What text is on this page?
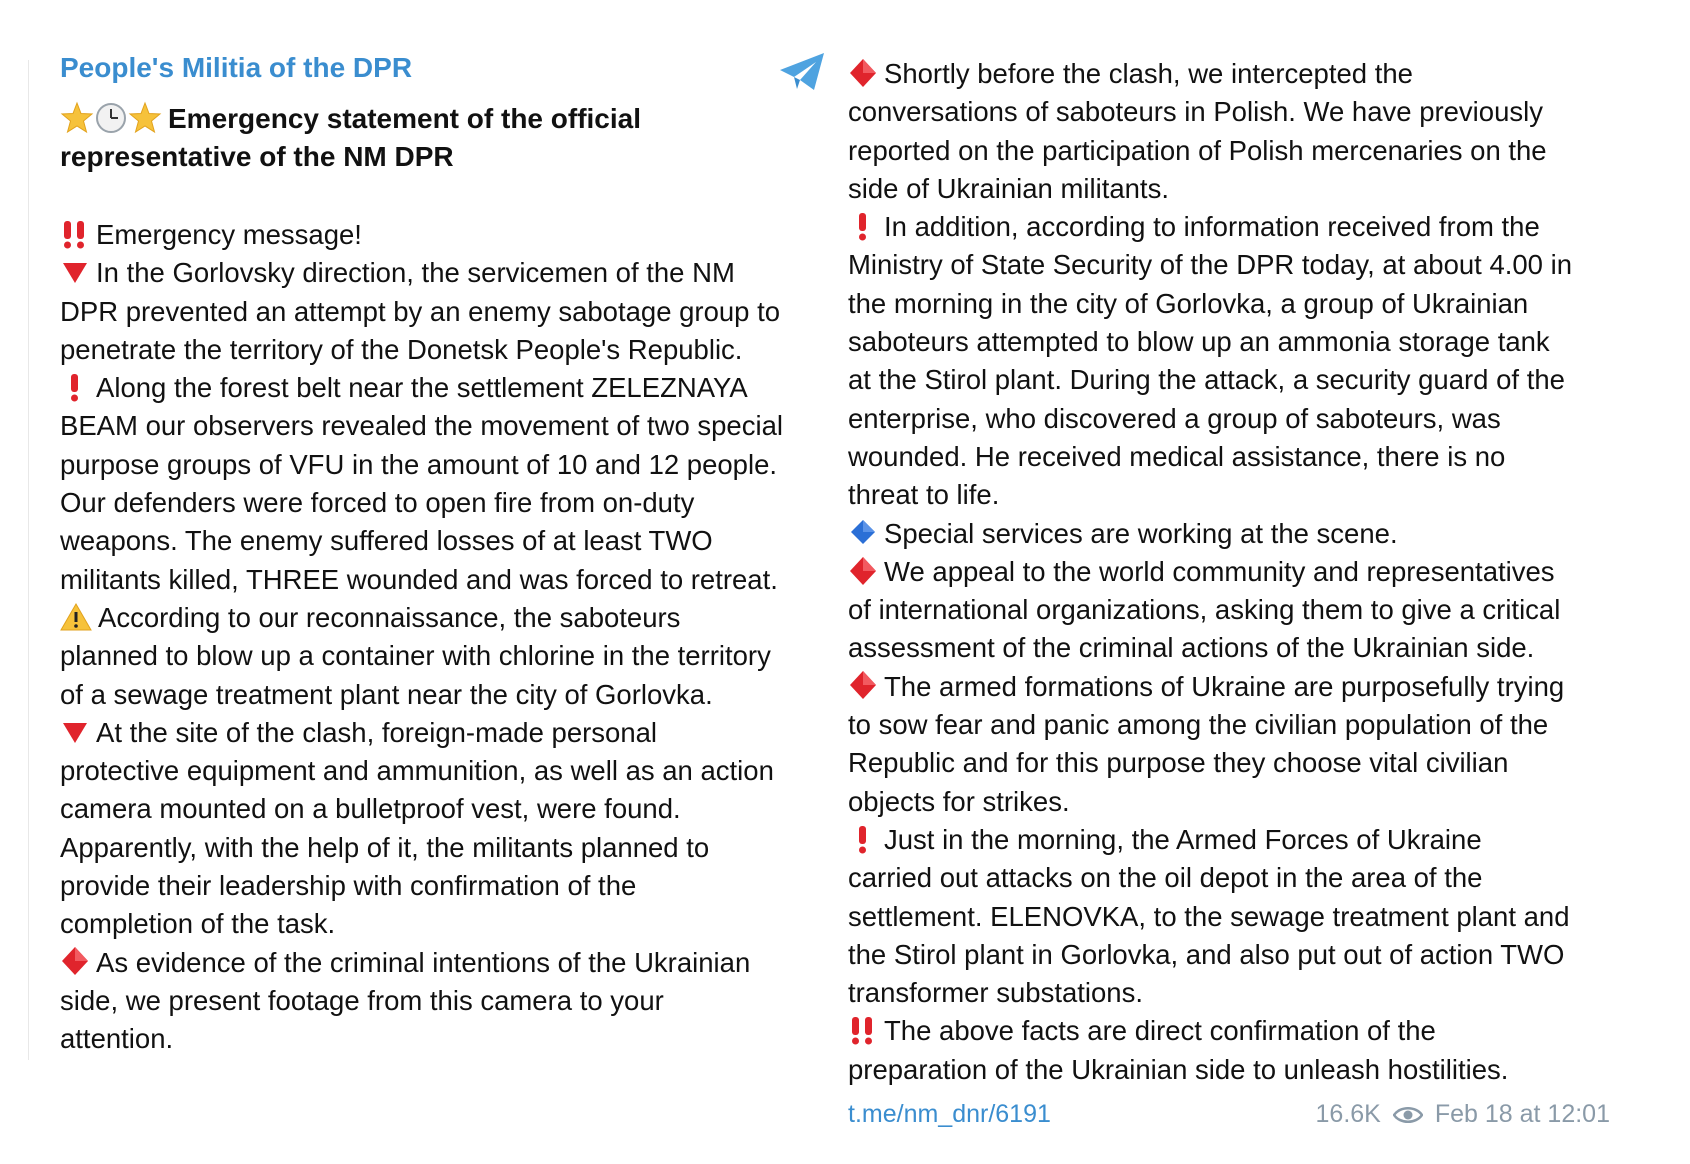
People's Militia of the DPR
Emergency statement of the official
representative of the NM DPR
Emergency message!
In the Gorlovsky direction, the servicemen of the NM
DPR prevented an attempt by an enemy sabotage group to
penetrate the territory of the Donetsk People's Republic.
Along the forest belt near the settlement ZELEZNAYA
BEAM our observers revealed the movement of two special
purpose groups of VFU in the amount of 10 and 12 people.
Our defenders were forced to open fire from on-duty
weapons. The enemy suffered losses of at least TWO
militants killed, THREE wounded and was forced to retreat.
According to our reconnaissance, the saboteurs
planned to blow up a container with chlorine in the territory
of a sewage treatment plant near the city of Gorlovka.
At the site of the clash, foreign-made personal
protective equipment and ammunition, as well as an action
camera mounted on a bulletproof vest, were found.
Apparently, with the help of it, the militants planned to
provide their leadership with confirmation of the
completion of the task.
As evidence of the criminal intentions of the Ukrainian
side, we present footage from this camera to your
attention.
Shortly before the clash, we intercepted the
conversations of saboteurs in Polish. We have previously
reported on the participation of Polish mercenaries on the
side of Ukrainian militants.
In addition, according to information received from the
Ministry of State Security of the DPR today, at about 4.00 in
the morning in the city of Gorlovka, a group of Ukrainian
saboteurs attempted to blow up an ammonia storage tank
at the Stirol plant. During the attack, a security guard of the
enterprise, who discovered a group of saboteurs, was
wounded. He received medical assistance, there is no
threat to life.
Special services are working at the scene.
We appeal to the world community and representatives
of international organizations, asking them to give a critical
assessment of the criminal actions of the Ukrainian side.
The armed formations of Ukraine are purposefully trying
to sow fear and panic among the civilian population of the
Republic and for this purpose they choose vital civilian
objects for strikes.
Just in the morning, the Armed Forces of Ukraine
carried out attacks on the oil depot in the area of the
settlement. ELENOVKA, to the sewage treatment plant and
the Stirol plant in Gorlovka, and also put out of action TWO
transformer substations.
The above facts are direct confirmation of the
preparation of the Ukrainian side to unleash hostilities.
t.me/nm_dnr/6191	16.6K Feb 18 at 12:01
